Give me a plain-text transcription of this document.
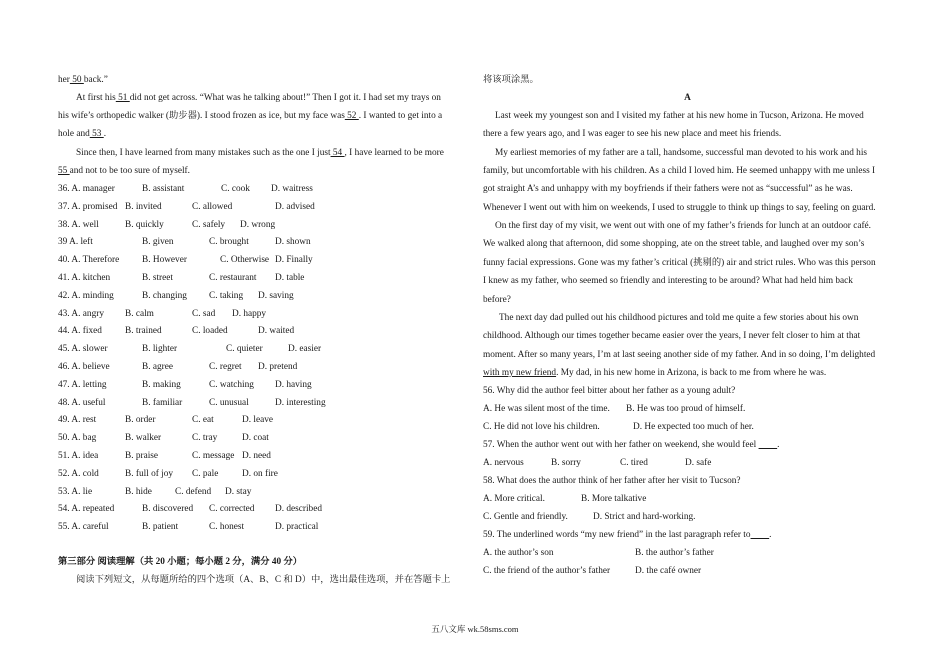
her 50 back.”
At first his 51 did not get across. “What was he talking about!” Then I got it. I had set my trays on
his wife’s orthopedic walker (助步器). I stood frozen as ice, but my face was 52 . I wanted to get into a
hole and 53 .
Since then, I have learned from many mistakes such as the one I just 54 , I have learned to be more
55 and not to be too sure of myself.
36. A. manager	B. assistant	C. cook D. waitress
37. A. promised B. invited	C. allowed	D. advised
38. A. well	B. quickly	C. safely D. wrong
39 A. left	B. given	C. brought	D. shown
40. A. Therefore B. However	C. Otherwise D. Finally
41. A. kitchen	B. street	C. restaurant D. table
42. A. minding	B. changing C. taking D. saving
43. A. angry B. calm	C. sad D. happy
44. A. fixed B. trained	C. loaded	D. waited
45. A. slower	B. lighter	C. quieter	D. easier
46. A. believe	B. agree	C. regret D. pretend
47. A. letting	B. making	C. watching D. having
48. A. useful	B. familiar	C. unusual	D. interesting
49. A. rest	B. order	C. eat	D. leave
50. A. bag	B. walker	C. tray	D. coat
51. A. idea	B. praise	C. message D. need
52. A. cold	B. full of joy C. pale	D. on fire
53. A. lie	B. hide C. defend D. stay
54. A. repeated	B. discovered C. corrected D. described
55. A. careful	B. patient	C. honest	D. practical
第三部分 阅读理解（共 20 小题；每小题 2 分，满分 40 分）
阅读下列短文，从每题所给的四个选项（A、B、C 和 D）中，选出最佳选项，并在答题卡上
将该项涂黑。
A
Last week my youngest son and I visited my father at his new home in Tucson, Arizona. He moved
there a few years ago, and I was eager to see his new place and meet his friends.
My earliest memories of my father are a tall, handsome, successful man devoted to his work and his
family, but uncomfortable with his children. As a child I loved him. He seemed unhappy with me unless I
got straight A’s and unhappy with my boyfriends if their fathers were not as “successful” as he was.
Whenever I went out with him on weekends, I used to struggle to think up things to say, feeling on guard.
On the first day of my visit, we went out with one of my father’s friends for lunch at an outdoor café.
We walked along that afternoon, did some shopping, ate on the street table, and laughed over my son’s
funny facial expressions. Gone was my father’s critical (挑剔的) air and strict rules. Who was this person
I knew as my father, who seemed so friendly and interesting to be around? What had held him back
before?
The next day dad pulled out his childhood pictures and told me quite a few stories about his own
childhood. Although our times together became easier over the years, I never felt closer to him at that
moment. After so many years, I’m at last seeing another side of my father. And in so doing, I’m delighted
with my new friend. My dad, in his new home in Arizona, is back to me from where he was.
56. Why did the author feel bitter about her father as a young adult?
A. He was silent most of the time. B. He was too proud of himself.
C. He did not love his children.	D. He expected too much of her.
57. When the author went out with her father on weekend, she would feel .
A. nervous	B. sorry	C. tired	D. safe
58. What does the author think of her father after her visit to Tucson?
A. More critical.	B. More talkative
C. Gentle and friendly.	D. Strict and hard-working.
59. The underlined words “my new friend” in the last paragraph refer to .
A. the author’s son	B. the author’s father
C. the friend of the author’s father	D. the café owner
五八文库 wk.58sms.com
